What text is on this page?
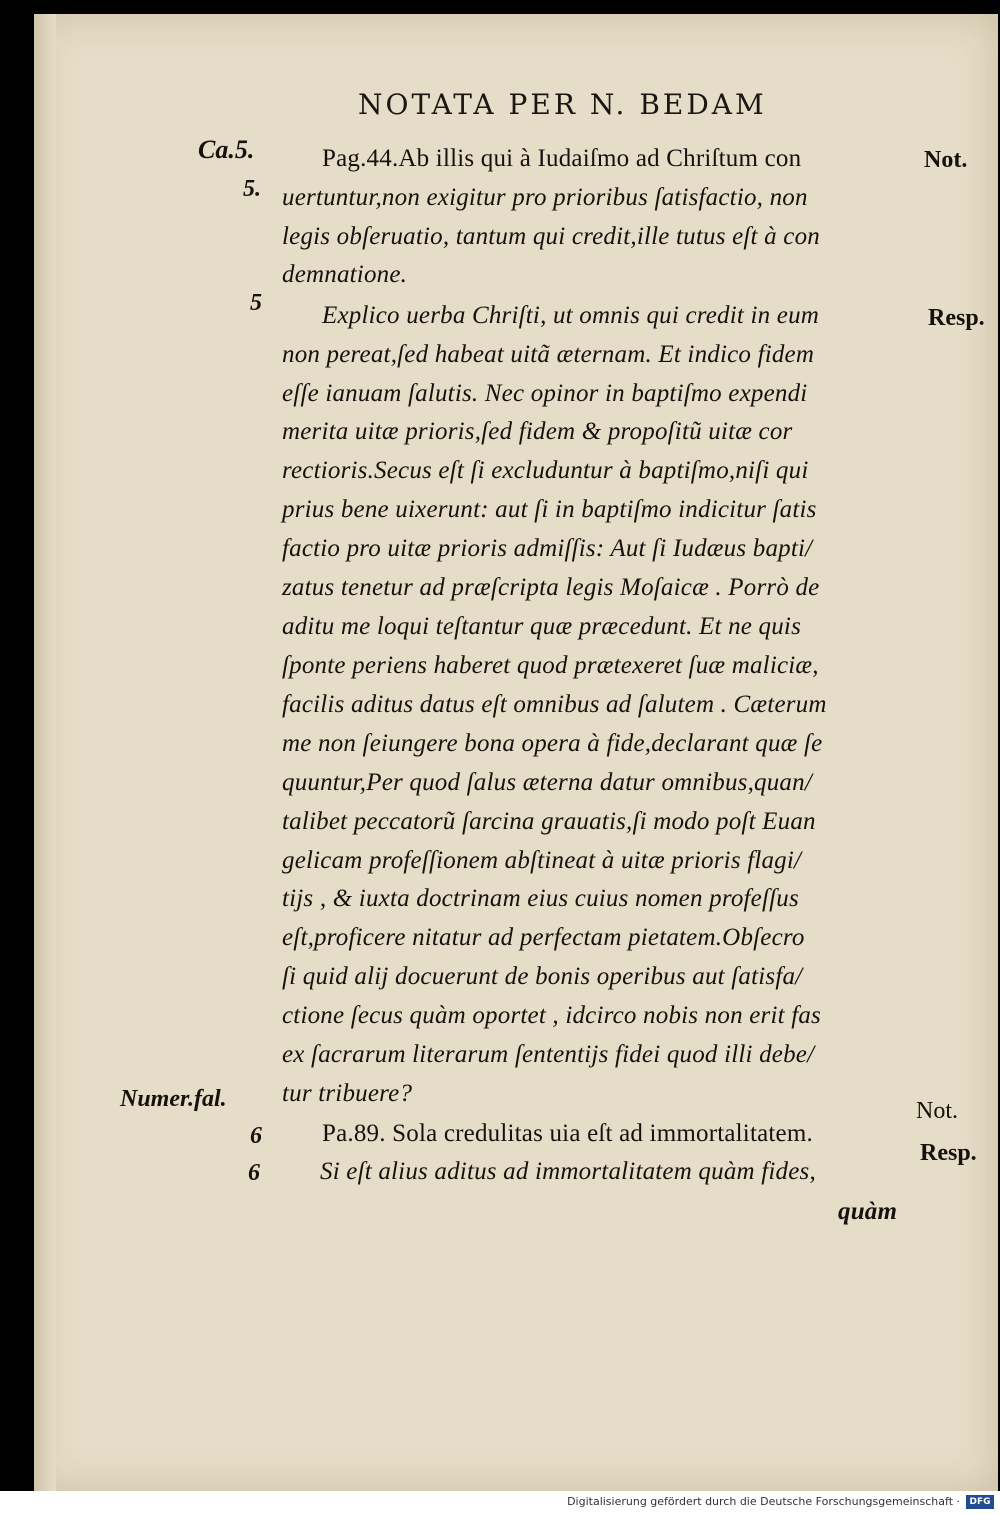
NOTATA PER N. BEDAM
Ca.5.
5.
5
Numer.fal.
6
6
Not.
Resp.
Not.
Resp.
Pag.44.Ab illis qui à Iudaiſmo ad Chriſtum con
uertuntur,non exigitur pro prioribus ſatisfactio, non
legis obſeruatio, tantum qui credit,ille tutus eſt à con
demnatione.
Explico uerba Chriſti, ut omnis qui credit in eum
non pereat,ſed habeat uitã æternam. Et indico fidem
eſſe ianuam ſalutis. Nec opinor in baptiſmo expendi
merita uitæ prioris,ſed fidem & propoſitũ uitæ cor
rectioris.Secus eſt ſi excluduntur à baptiſmo,niſi qui
prius bene uixerunt: aut ſi in baptiſmo indicitur ſatis
factio pro uitæ prioris admiſſis: Aut ſi Iudæus bapti/
zatus tenetur ad præſcripta legis Moſaicæ . Porrò de
aditu me loqui teſtantur quæ præcedunt. Et ne quis
ſponte periens haberet quod prætexeret ſuæ maliciæ,
facilis aditus datus eſt omnibus ad ſalutem . Cæterum
me non ſeiungere bona opera à fide,declarant quæ ſe
quuntur,Per quod ſalus æterna datur omnibus,quan/
talibet peccatorũ ſarcina grauatis,ſi modo poſt Euan
gelicam profeſſionem abſtineat à uitæ prioris flagi/
tijs , & iuxta doctrinam eius cuius nomen profeſſus
eſt,proficere nitatur ad perfectam pietatem.Obſecro
ſi quid alij docuerunt de bonis operibus aut ſatisfa/
ctione ſecus quàm oportet , idcirco nobis non erit fas
ex ſacrarum literarum ſententijs fidei quod illi debe/
tur tribuere?
Pa.89. Sola credulitas uia eſt ad immortalitatem.
Si eſt alius aditus ad immortalitatem quàm fides,
quàm
Digitalisierung gefördert durch die Deutsche Forschungsgemeinschaft ·	DFG
